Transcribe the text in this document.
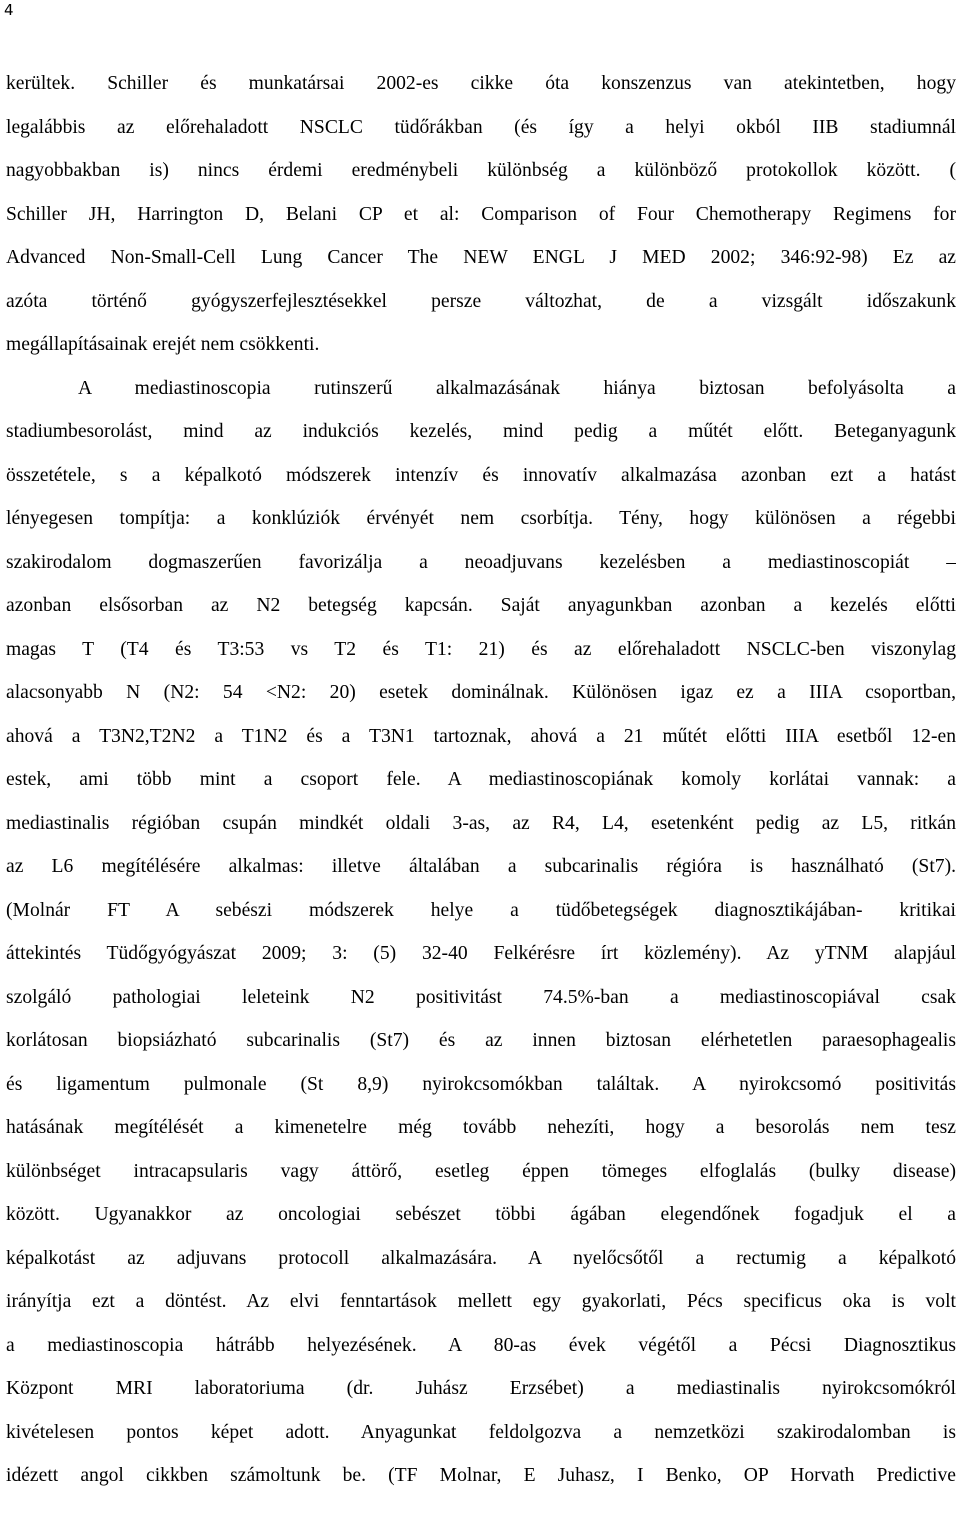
4
kerültek. Schiller és munkatársai 2002-es cikke óta konszenzus van atekintetben, hogy
legalábbis az előrehaladott NSCLC tüdőrákban (és így a helyi okból IIB stadiumnál
nagyobbakban is) nincs érdemi eredménybeli különbség a különböző protokollok között. (
Schiller JH, Harrington D, Belani CP et al: Comparison of Four Chemotherapy Regimens for
Advanced Non-Small-Cell Lung Cancer The NEW ENGL J MED 2002; 346:92-98) Ez az
azóta történő gyógyszerfejlesztésekkel persze változhat, de a vizsgált időszakunk
megállapításainak erejét nem csökkenti.
A mediastinoscopia rutinszerű alkalmazásának hiánya biztosan befolyásolta a
stadiumbesorolást, mind az indukciós kezelés, mind pedig a műtét előtt. Beteganyagunk
összetétele, s a képalkotó módszerek intenzív és innovatív alkalmazása azonban ezt a hatást
lényegesen tompítja: a konklúziók érvényét nem csorbítja. Tény, hogy különösen a régebbi
szakirodalom dogmaszerűen favorizálja a neoadjuvans kezelésben a mediastinoscopiát –
azonban elsősorban az N2 betegség kapcsán. Saját anyagunkban azonban a kezelés előtti
magas T (T4 és T3:53 vs T2 és T1: 21) és az előrehaladott NSCLC-ben viszonylag
alacsonyabb N (N2: 54 <N2: 20) esetek dominálnak. Különösen igaz ez a IIIA csoportban,
ahová a T3N2,T2N2 a T1N2 és a T3N1 tartoznak, ahová a 21 műtét előtti IIIA esetből 12-en
estek, ami több mint a csoport fele. A mediastinoscopiának komoly korlátai vannak: a
mediastinalis régióban csupán mindkét oldali 3-as, az R4, L4, esetenként pedig az L5, ritkán
az L6 megítélésére alkalmas: illetve általában a subcarinalis régióra is használható (St7).
(Molnár FT A sebészi módszerek helye a tüdőbetegségek diagnosztikájában- kritikai
áttekintés Tüdőgyógyászat 2009; 3: (5) 32-40 Felkérésre írt közlemény). Az yTNM alapjául
szolgáló pathologiai leleteink N2 positivitást 74.5%-ban a mediastinoscopiával csak
korlátosan biopsiázható subcarinalis (St7) és az innen biztosan elérhetetlen paraesophagealis
és ligamentum pulmonale (St 8,9) nyirokcsomókban találtak. A nyirokcsomó positivitás
hatásának megítélését a kimenetelre még tovább nehezíti, hogy a besorolás nem tesz
különbséget intracapsularis vagy áttörő, esetleg éppen tömeges elfoglalás (bulky disease)
között. Ugyanakkor az oncologiai sebészet többi ágában elegendőnek fogadjuk el a
képalkotást az adjuvans protocoll alkalmazására. A nyelőcsőtől a rectumig a képalkotó
irányítja ezt a döntést. Az elvi fenntartások mellett egy gyakorlati, Pécs specificus oka is volt
a mediastinoscopia hátrább helyezésének. A 80-as évek végétől a Pécsi Diagnosztikus
Központ MRI laboratoriuma (dr. Juhász Erzsébet) a mediastinalis nyirokcsomókról
kivételesen pontos képet adott. Anyagunkat feldolgozva a nemzetközi szakirodalomban is
idézett angol cikkben számoltunk be. (TF Molnar, E Juhasz, I Benko, OP Horvath Predictive
